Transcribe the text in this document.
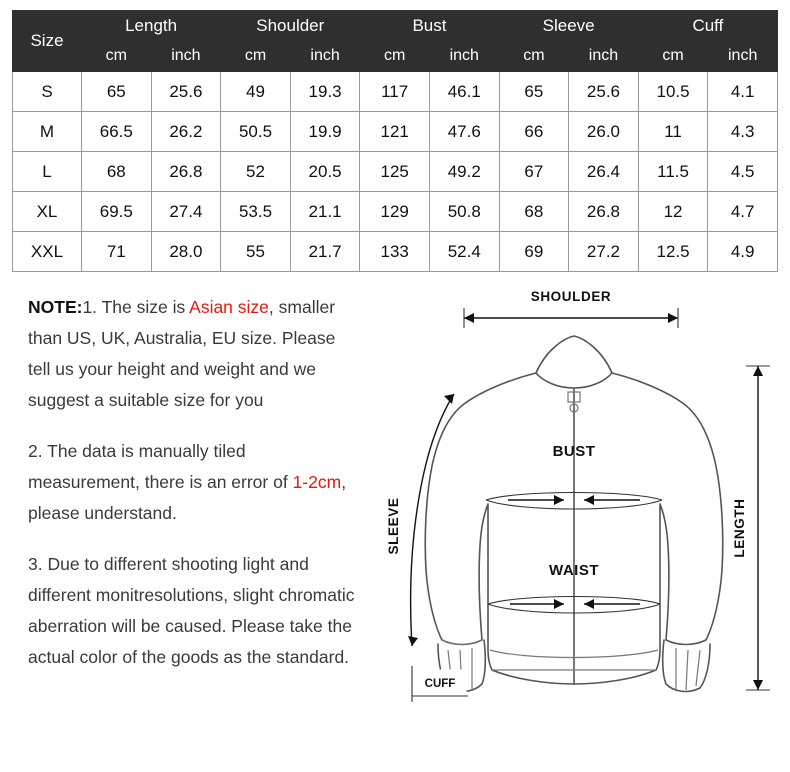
Size	Length		Shoulder		Bust		Sleeve		Cuff	
	cm	inch	cm	inch	cm	inch	cm	inch	cm	inch
S	65	25.6	49	19.3	117	46.1	65	25.6	10.5	4.1
M	66.5	26.2	50.5	19.9	121	47.6	66	26.0	11	4.3
L	68	26.8	52	20.5	125	49.2	67	26.4	11.5	4.5
XL	69.5	27.4	53.5	21.1	129	50.8	68	26.8	12	4.7
XXL	71	28.0	55	21.7	133	52.4	69	27.2	12.5	4.9

NOTE:1. The size is Asian size, smaller than US, UK, Australia, EU size. Please tell us your height and weight and we suggest a suitable size for you

2. The data is manually tiled measurement, there is an error of 1-2cm, please understand.

3. Due to different shooting light and different monitresolutions, slight chromatic aberration will be caused. Please take the actual color of the goods as the standard.

SHOULDER
BUST
WAIST
SLEEVE	LENGTH
CUFF
